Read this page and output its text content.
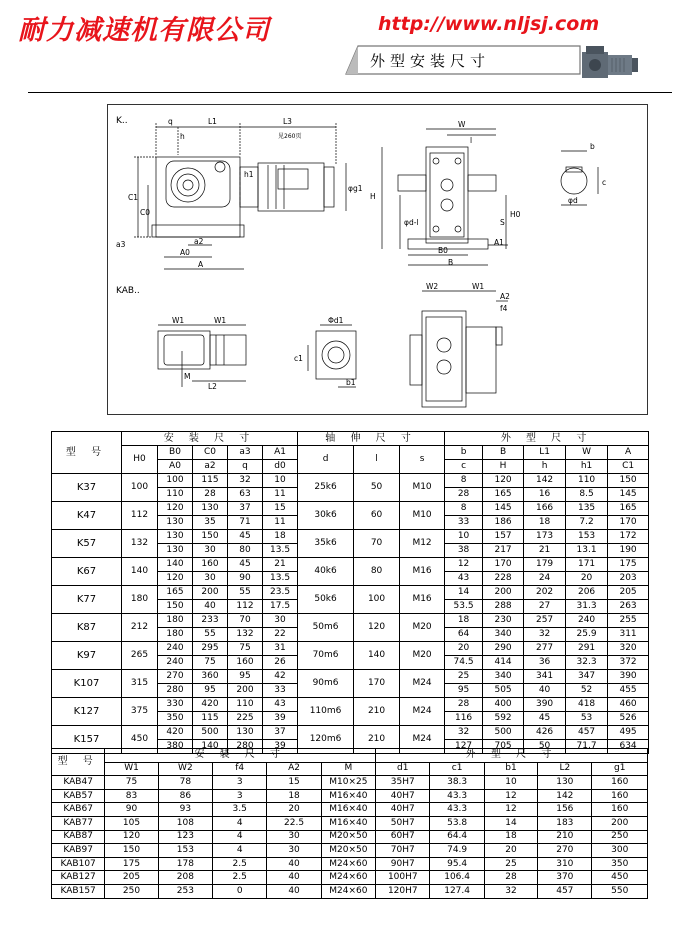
耐力减速机有限公司	http://www.nljsj.com
外型安装尺寸
K..
KAB..
q
h
L1	L3
见260页
C1
C0
h1
φg1
a3	a2
A0
A
W
l
H
φd-l
B0
A1
B
H0
S
b
c
φd
W1	W1
L2
M
Φd1
c1
b1
W2	W1
A2
f4
型 号	安 装 尺 寸					轴 伸 尺 寸			外 型 尺 寸				
	H0	B0	C0	a3	A1	d	l	s	b	B	L1	W	A
		A0	a2	q	d0				c	H	h	h1	C1
K37	100	100	115	32	10	25k6	50	M10	8	120	142	110	150
		110	28	63	11				28	165	16	8.5	145
K47	112	120	130	37	15	30k6	60	M10	8	145	166	135	165
		130	35	71	11				33	186	18	7.2	170
K57	132	130	150	45	18	35k6	70	M12	10	157	173	153	172
		130	30	80	13.5				38	217	21	13.1	190
K67	140	140	160	45	21	40k6	80	M16	12	170	179	171	175
		120	30	90	13.5				43	228	24	20	203
K77	180	165	200	55	23.5	50k6	100	M16	14	200	202	206	205
		150	40	112	17.5				53.5	288	27	31.3	263
K87	212	180	233	70	30	50m6	120	M20	18	230	257	240	255
		180	55	132	22				64	340	32	25.9	311
K97	265	240	295	75	31	70m6	140	M20	20	290	277	291	320
		240	75	160	26				74.5	414	36	32.3	372
K107	315	270	360	95	42	90m6	170	M24	25	340	341	347	390
		280	95	200	33				95	505	40	52	455
K127	375	330	420	110	43	110m6	210	M24	28	400	390	418	460
		350	115	225	39				116	592	45	53	526
K157	450	420	500	130	37	120m6	210	M24	32	500	426	457	495
		380	140	280	39				127	705	50	71.7	634
型 号	安 装 尺 寸					外 型 尺 寸				
	W1	W2	f4	A2	M	d1	c1	b1	L2	g1
KAB47	75	78	3	15	M10×25	35H7	38.3	10	130	160
KAB57	83	86	3	18	M16×40	40H7	43.3	12	142	160
KAB67	90	93	3.5	20	M16×40	40H7	43.3	12	156	160
KAB77	105	108	4	22.5	M16×40	50H7	53.8	14	183	200
KAB87	120	123	4	30	M20×50	60H7	64.4	18	210	250
KAB97	150	153	4	30	M20×50	70H7	74.9	20	270	300
KAB107	175	178	2.5	40	M24×60	90H7	95.4	25	310	350
KAB127	205	208	2.5	40	M24×60	100H7	106.4	28	370	450
KAB157	250	253	0	40	M24×60	120H7	127.4	32	457	550
